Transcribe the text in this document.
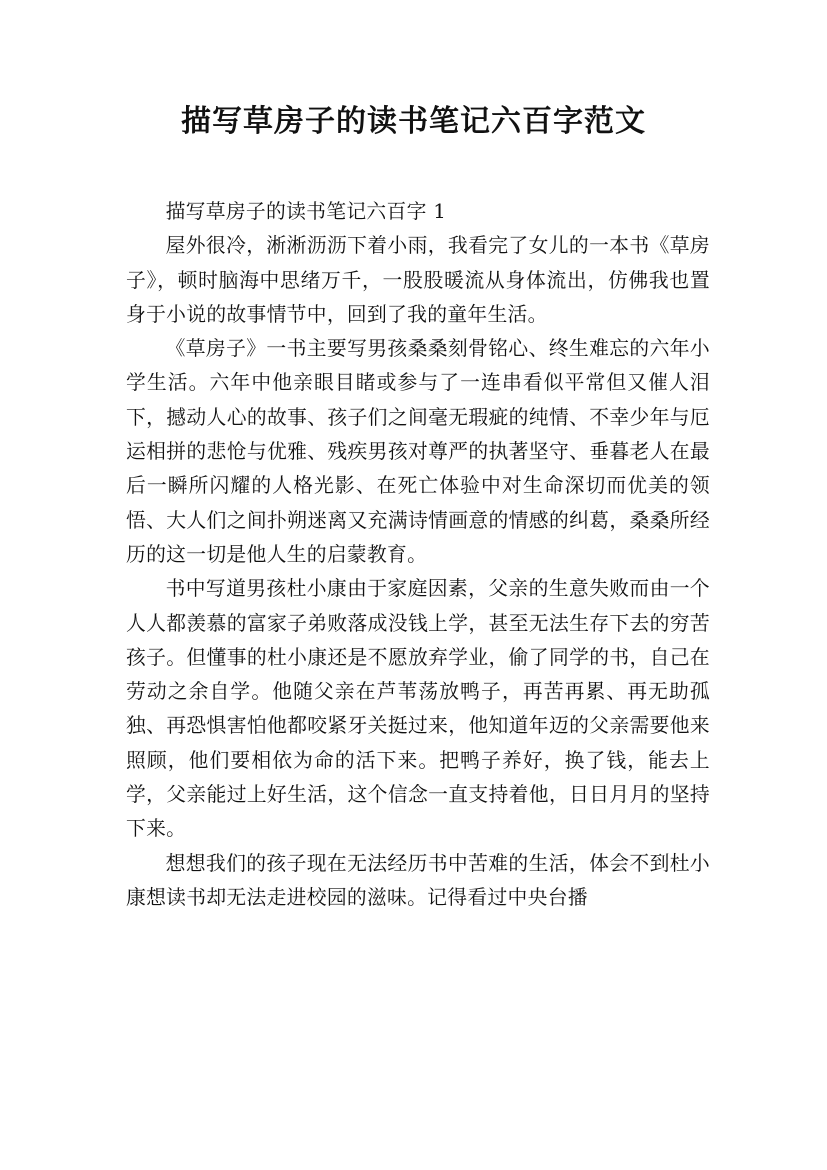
描写草房子的读书笔记六百字范文

描写草房子的读书笔记六百字 1

屋外很冷，淅淅沥沥下着小雨，我看完了女儿的一本书《草房子》，顿时脑海中思绪万千，一股股暖流从身体流出，仿佛我也置身于小说的故事情节中，回到了我的童年生活。

《草房子》一书主要写男孩桑桑刻骨铭心、终生难忘的六年小学生活。六年中他亲眼目睹或参与了一连串看似平常但又催人泪下，撼动人心的故事、孩子们之间毫无瑕疵的纯情、不幸少年与厄运相拼的悲怆与优雅、残疾男孩对尊严的执著坚守、垂暮老人在最后一瞬所闪耀的人格光影、在死亡体验中对生命深切而优美的领悟、大人们之间扑朔迷离又充满诗情画意的情感的纠葛，桑桑所经历的这一切是他人生的启蒙教育。

书中写道男孩杜小康由于家庭因素，父亲的生意失败而由一个人人都羡慕的富家子弟败落成没钱上学，甚至无法生存下去的穷苦孩子。但懂事的杜小康还是不愿放弃学业，偷了同学的书，自己在劳动之余自学。他随父亲在芦苇荡放鸭子，再苦再累、再无助孤独、再恐惧害怕他都咬紧牙关挺过来，他知道年迈的父亲需要他来照顾，他们要相依为命的活下来。把鸭子养好，换了钱，能去上学，父亲能过上好生活，这个信念一直支持着他，日日月月的坚持下来。

想想我们的孩子现在无法经历书中苦难的生活，体会不到杜小康想读书却无法走进校园的滋味。记得看过中央台播
